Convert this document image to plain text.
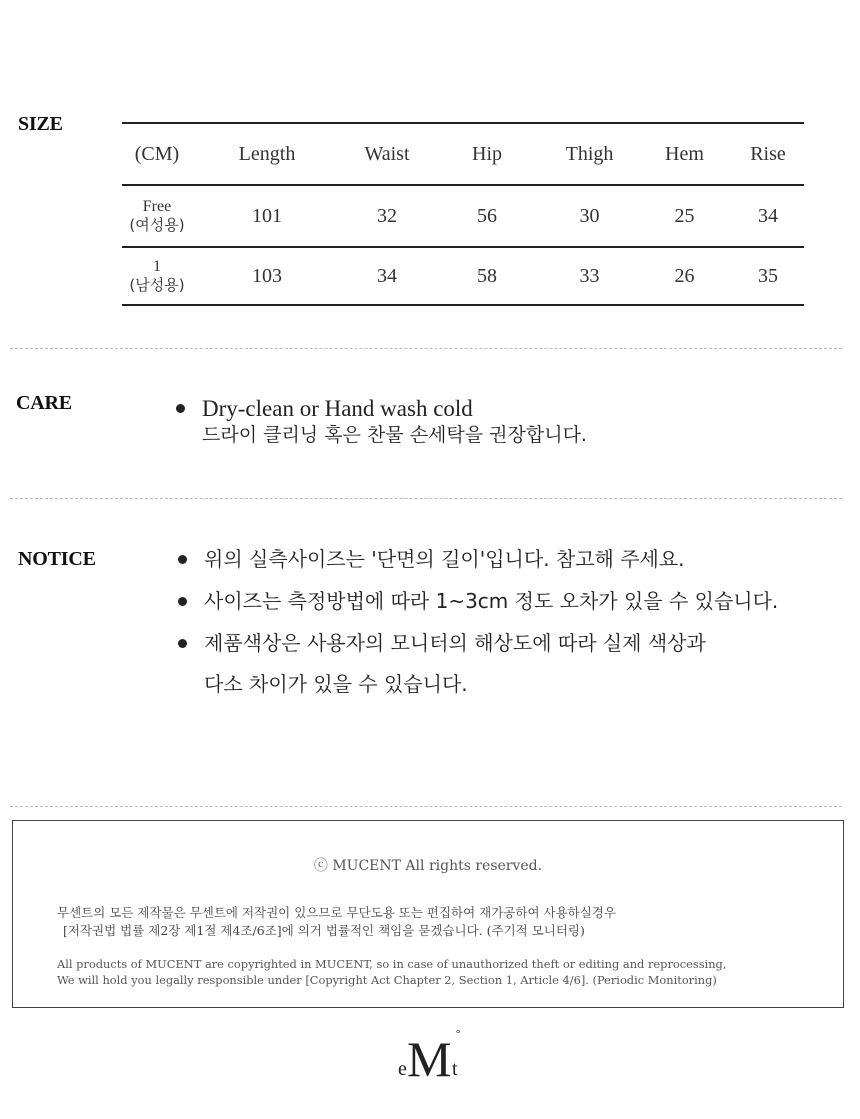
SIZE
(CM)	Length	Waist	Hip	Thigh	Hem	Rise
Free
(여성용)	101	32	56	30	25	34
1
(남성용)	103	34	58	33	26	35
CARE	Dry-clean or Hand wash cold
드라이 클리닝 혹은 찬물 손세탁을 권장합니다.
NOTICE	위의 실측사이즈는 '단면의 길이'입니다. 참고해 주세요.
사이즈는 측정방법에 따라 1~3cm 정도 오차가 있을 수 있습니다.
제품색상은 사용자의 모니터의 해상도에 따라 실제 색상과
다소 차이가 있을 수 있습니다.
ⓒ MUCENT All rights reserved.
무센트의 모든 제작물은 무센트에 저작권이 있으므로 무단도용 또는 편집하여 재가공하여 사용하실경우
[저작권법 법률 제2장 제1절 제4조/6조]에 의거 법률적인 책임을 묻겠습니다. (주기적 모니터링)
All products of MUCENT are copyrighted in MUCENT, so in case of unauthorized theft or editing and reprocessing,
We will hold you legally responsible under [Copyright Act Chapter 2, Section 1, Article 4/6]. (Periodic Monitoring)
e M t
°
